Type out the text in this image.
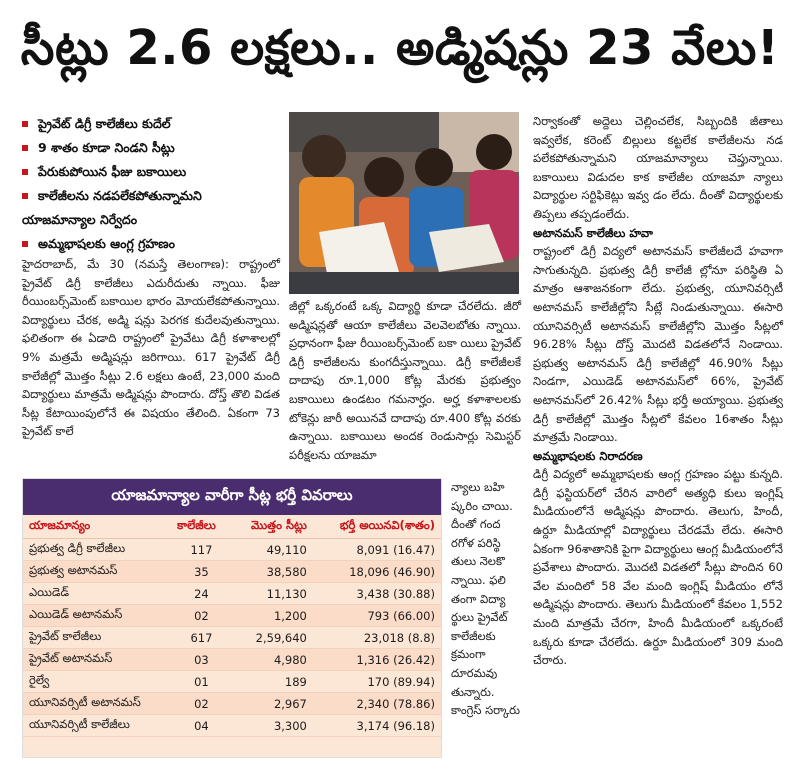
సీట్లు 2.6 లక్షలు.. అడ్మిషన్లు 23 వేలు!
ప్రైవేట్ డిగ్రీ కాలేజీలు కుదేల్
9 శాతం కూడా నిండని సీట్లు
పేరుకుపోయిన ఫీజు బకాయిలు
కాలేజీలను నడపలేకపోతున్నామని
యాజమాన్యాల నిర్వేదం
అమ్మభాషలకు ఆంగ్ల గ్రహణం

హైదరాబాద్, మే 30 (నమస్తే తెలంగాణ): రాష్ట్రంలో ప్రైవేట్ డిగ్రీ కాలేజీలు ఎదురీదుతు న్నాయి. ఫీజు రీయింబర్స్‌మెంట్ బకాయిల భారం మోయలేకపోతున్నాయి. విద్యార్థులు చేరక, అడ్మి షన్లు పెరగక కుదేలవుతున్నాయి. ఫలితంగా ఈ ఏడాది రాష్ట్రంలో ప్రైవేటు డిగ్రీ కళాశాలల్లో 9% మత్రమే అడ్మిషన్లు జరిగాయి. 617 ప్రైవేట్ డిగ్రీ కాలేజీల్లో మొత్తం సీట్లు 2.6 లక్షలు ఉంటే, 23,000 మంది విద్యార్థులు మాత్రమే అడ్మిషన్లు పొందారు. దోస్త్ తొలి విడత సీట్ల కేటాయింపులోనే ఈ విషయం తేలింది. ఏకంగా 73 ప్రైవేట్ కాలే

జీల్లో ఒక్కరంటే ఒక్క విద్యార్థి కూడా చేరలేదు. జీరో అడ్మిషన్లతో ఆయా కాలేజీలు వెలవెలబోతు న్నాయి. ప్రధానంగా ఫీజు రీయింబర్స్‌మెంట్ బకా యిలు ప్రైవేట్ డిగ్రీ కాలేజీలను కుంగదీస్తున్నాయి. డిగ్రీ కాలేజీలకే దాదాపు రూ.1,000 కోట్ల మేరకు ప్రభుత్వం బకాయిలు ఉండటం గమనార్హం. అర్హ కళాశాలలకు టోకెన్లు జారీ అయినవే దాదాపు రూ.400 కోట్ల వరకు ఉన్నాయి. బకాయిలు అందక రెండుసార్లు సెమిస్టర్ పరీక్షలను యాజమా

నిర్వాకంతో అద్దెలు చెల్లించలేక, సిబ్బందికి జీతాలు ఇవ్వలేక, కరెంట్ బిల్లులు కట్టలేక కాలేజీలను నడ పలేకపోతున్నామని యాజమాన్యాలు చెప్తున్నాయి. బకాయిలు విడుదల కాక కాలేజీల యాజమా న్యాలు విద్యార్థుల సర్టిఫికెట్లు ఇవ్వ డం లేదు. దీంతో విద్యార్థులకు తిప్పలు తప్పడంలేదు.

అటానమస్ కాలేజీలు హవా

రాష్ట్రంలో డిగ్రీ విద్యలో అటానమస్ కాలేజీలదే హవాగా సాగుతున్నది. ప్రభుత్వ డిగ్రీ కాలేజీ ల్లోనూ పరిస్థితి ఏ మాత్రం ఆశాజనకంగా లేదు. ప్రభుత్వ, యూనివర్సిటీ అటానమస్ కాలేజీల్లోని సీట్లే నిండుతున్నాయి. ఈసారి యూనివర్సిటీ అటానమస్ కాలేజీల్లోని మొత్తం సీట్లలో 96.28% సీట్లు దోస్త్ మొదటి విడతలోనే నిండాయి. ప్రభుత్వ అటానమస్ డిగ్రీ కాలేజీల్లో 46.90% సీట్లు నిండగా, ఎయిడెడ్ అటానమస్‌లో 66%, ప్రైవేట్ అటానమస్‌లో 26.42% సీట్లు భర్తీ అయ్యాయి. ప్రభుత్వ డిగ్రీ కాలేజీల్లో మొత్తం సీట్లలో కేవలం 16శాతం సీట్లు మాత్రమే నిండాయి.

అమ్మభాషలకు నిరాదరణ

డిగ్రీ విద్యలో అమ్మభాషలకు ఆంగ్ల గ్రహణం పట్టు కున్నది. డిగ్రీ ఫస్టియర్‌లో చేరిన వారిలో అత్యధి కులు ఇంగ్లిష్ మీడియంలోనే అడ్మిషన్లు పొందారు. తెలుగు, హిందీ, ఉర్దూ మీడియాల్లో విద్యార్థులు చేరడమే లేదు. ఈసారి ఏకంగా 96శాతానికి పైగా విద్యార్థులు ఆంగ్ల మీడియంలోనే ప్రవేశాలు పొందారు. మొదటి విడతలో సీట్లు పొందిన 60 వేల మందిలో 58 వేల మంది ఇంగ్లిష్ మీడియం లోనే అడ్మిషన్లు పొందారు. తెలుగు మీడియంలో కేవలం 1,552 మంది మాత్రమే చేరగా, హిందీ మీడియంలో ఒక్కరంటే ఒక్కరు కూడా చేరలేదు. ఉర్దూ మీడియంలో 309 మంది చేరారు.

యాజమాన్యాల వారీగా సీట్ల భర్తీ వివరాలు
యాజమాన్యం	కాలేజీలు	మొత్తం సీట్లు	భర్తీ అయినవి(శాతం)
ప్రభుత్వ డిగ్రీ కాలేజీలు	117	49,110	8,091 (16.47)
ప్రభుత్వ అటానమస్	35	38,580	18,096 (46.90)
ఎయిడెడ్	24	11,130	3,438 (30.88)
ఎయిడెడ్ అటానమస్	02	1,200	793 (66.00)
ప్రైవేట్ కాలేజీలు	617	2,59,640	23,018 (8.8)
ప్రైవేట్ అటానమస్	03	4,980	1,316 (26.42)
రైల్వే	01	189	170 (89.94)
యూనివర్సిటీ అటానమస్	02	2,967	2,340 (78.86)
యూనివర్సిటీ కాలేజీలు	04	3,300	3,174 (96.18)

న్యాలు బహి ష్కరిం చాయి. దీంతో గంద రగోళ పరిస్థి తులు నెలకొ న్నాయి. ఫలి తంగా విద్యా ర్థులు ప్రైవేట్ కాలేజీలకు క్రమంగా దూరమవు తున్నారు. కాంగ్రెస్ సర్కారు
